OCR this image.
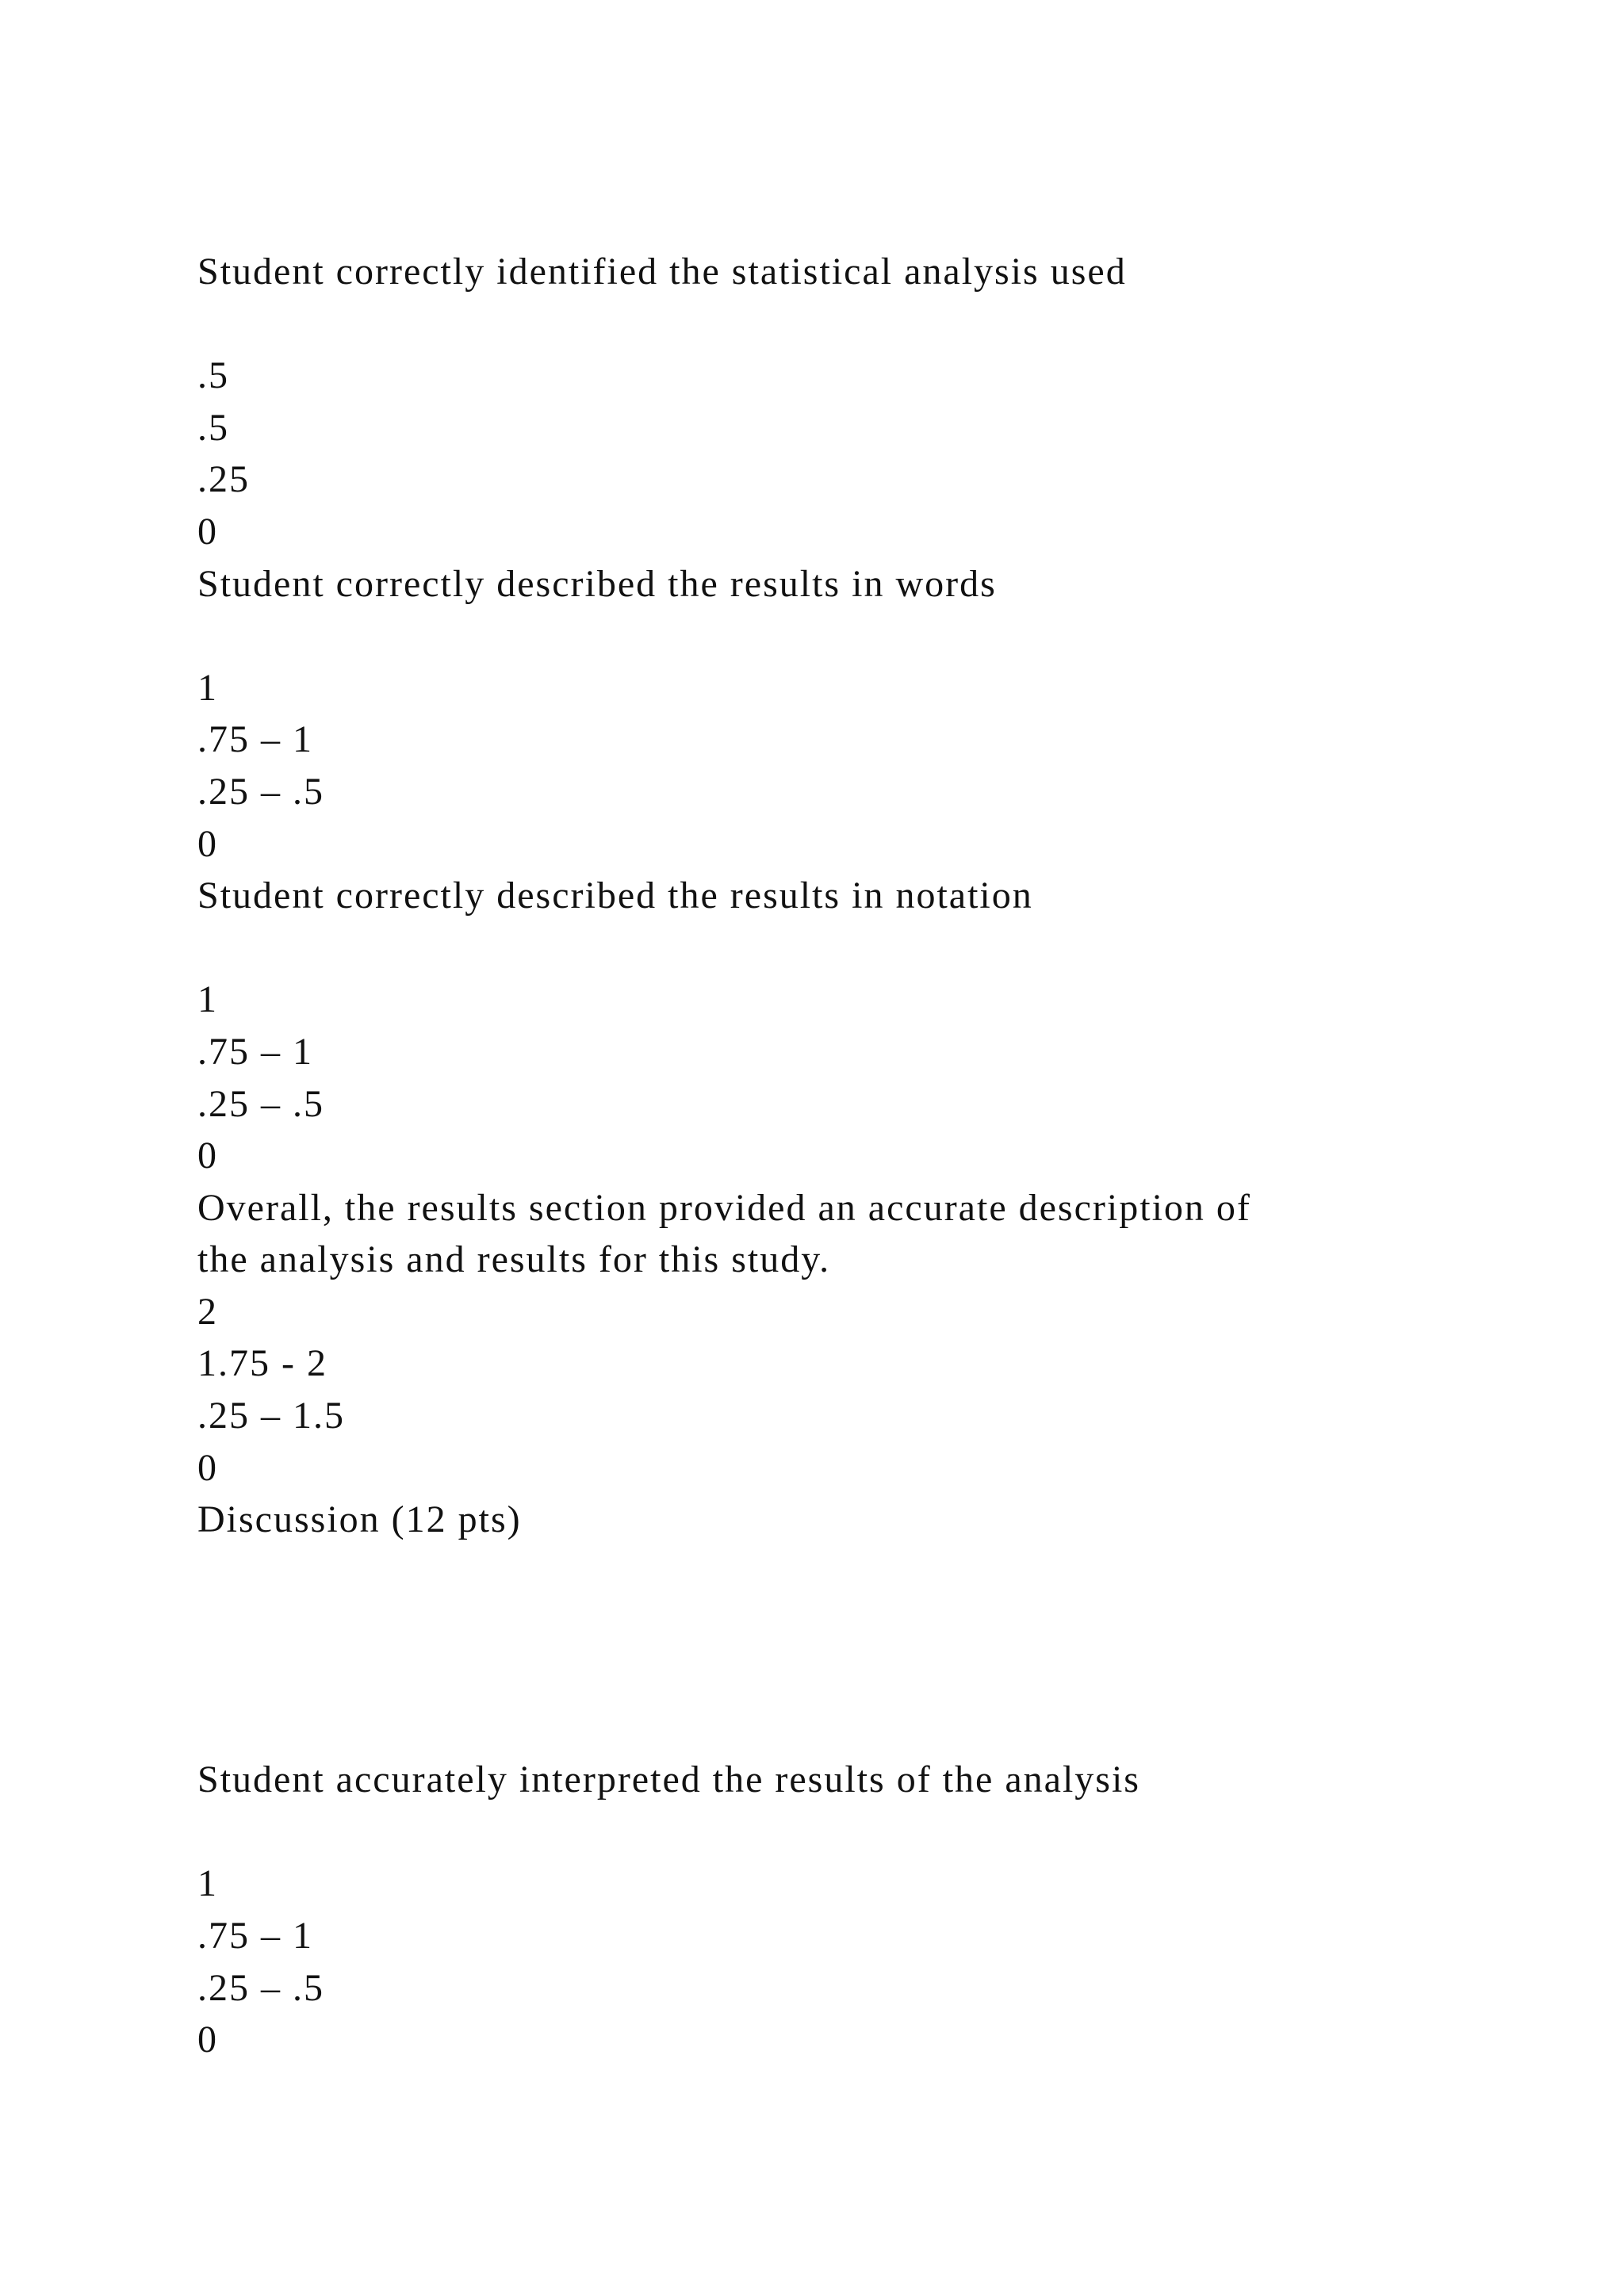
Student correctly identified the statistical analysis used
.5
.5
.25
0
Student correctly described the results in words
1
.75 – 1
.25 – .5
0
Student correctly described the results in notation
1
.75 – 1
.25 – .5
0
Overall, the results section provided an accurate description of
the analysis and results for this study.
2
1.75 - 2
.25 – 1.5
0
Discussion (12 pts)
Student accurately interpreted the results of the analysis
1
.75 – 1
.25 – .5
0
